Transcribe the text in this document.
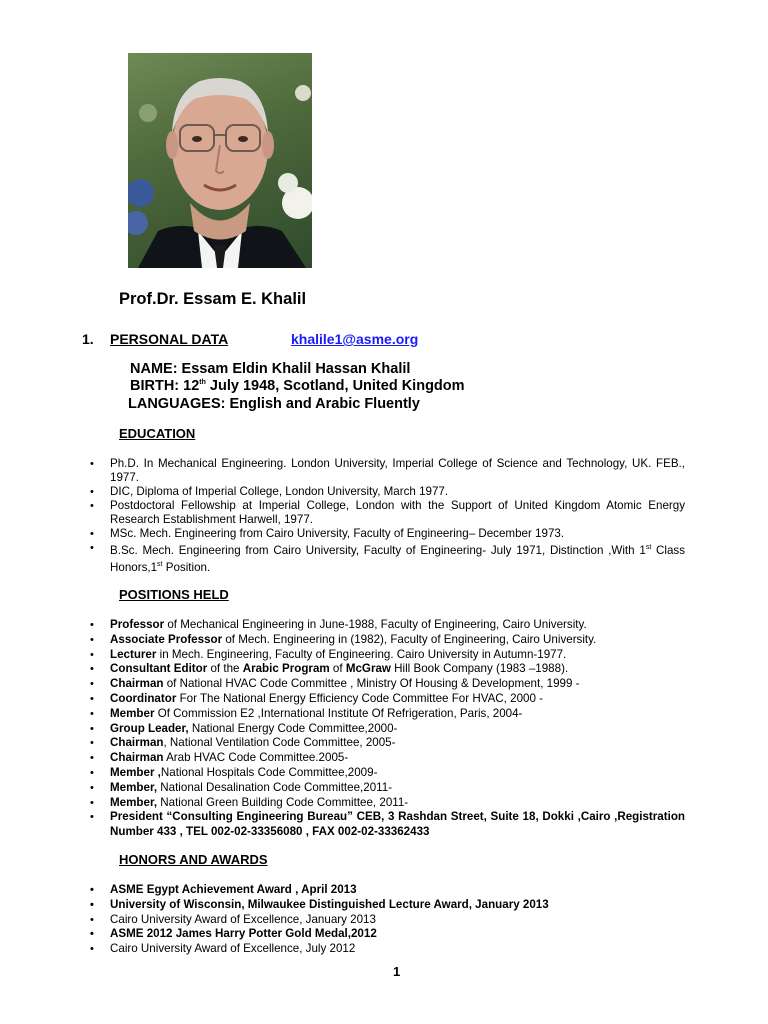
Prof.Dr. Essam E. Khalil
1. PERSONAL DATA	khalile1@asme.org
NAME: Essam Eldin Khalil Hassan Khalil
BIRTH: 12th July 1948, Scotland, United Kingdom
LANGUAGES: English and Arabic Fluently
EDUCATION
• Ph.D. In Mechanical Engineering. London University, Imperial College of Science and Technology, UK. FEB., 1977.
• DIC, Diploma of Imperial College, London University, March 1977.
• Postdoctoral Fellowship at Imperial College, London with the Support of United Kingdom Atomic Energy Research Establishment Harwell, 1977.
• MSc. Mech. Engineering from Cairo University, Faculty of Engineering– December 1973.
• B.Sc. Mech. Engineering from Cairo University, Faculty of Engineering- July 1971, Distinction ,With 1st Class Honors,1st Position.
POSITIONS HELD
• Professor of Mechanical Engineering in June-1988, Faculty of Engineering, Cairo University.
• Associate Professor of Mech. Engineering in (1982), Faculty of Engineering, Cairo University.
• Lecturer in Mech. Engineering, Faculty of Engineering. Cairo University in Autumn-1977.
• Consultant Editor of the Arabic Program of McGraw Hill Book Company (1983 –1988).
• Chairman of National HVAC Code Committee , Ministry Of Housing & Development, 1999 -
• Coordinator For The National Energy Efficiency Code Committee For HVAC, 2000 -
• Member Of Commission E2 ,International Institute Of Refrigeration, Paris, 2004-
• Group Leader, National Energy Code Committee,2000-
• Chairman, National Ventilation Code Committee, 2005-
• Chairman Arab HVAC Code Committee.2005-
• Member ,National Hospitals Code Committee,2009-
• Member, National Desalination Code Committee,2011-
• Member, National Green Building Code Committee, 2011-
• President “Consulting Engineering Bureau” CEB, 3 Rashdan Street, Suite 18, Dokki ,Cairo ,Registration Number 433 , TEL 002-02-33356080 , FAX 002-02-33362433
HONORS AND AWARDS
• ASME Egypt Achievement Award , April 2013
• University of Wisconsin, Milwaukee Distinguished Lecture Award, January 2013
• Cairo University Award of Excellence, January 2013
• ASME 2012 James Harry Potter Gold Medal,2012
• Cairo University Award of Excellence, July 2012
1
